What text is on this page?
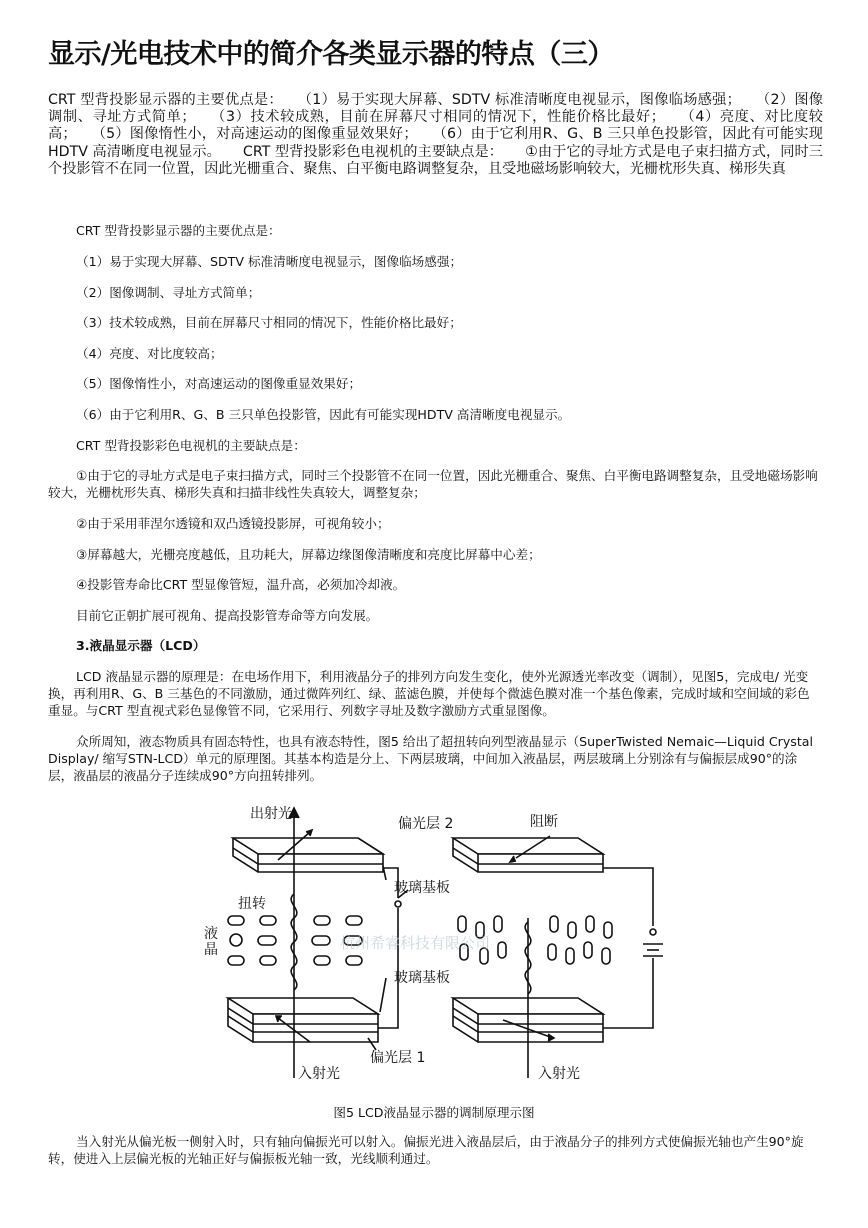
显示/光电技术中的简介各类显示器的特点（三）

CRT 型背投影显示器的主要优点是： （1）易于实现大屏幕、SDTV 标准清晰度电视显示，图像临场感强； （2）图像调制、寻址方式简单； （3）技术较成熟，目前在屏幕尺寸相同的情况下，性能价格比最好； （4）亮度、对比度较高； （5）图像惰性小，对高速运动的图像重显效果好； （6）由于它利用R、G、B 三只单色投影管，因此有可能实现HDTV 高清晰度电视显示。 CRT 型背投影彩色电视机的主要缺点是： ①由于它的寻址方式是电子束扫描方式，同时三个投影管不在同一位置，因此光栅重合、聚焦、白平衡电路调整复杂，且受地磁场影响较大，光栅枕形失真、梯形失真

CRT 型背投影显示器的主要优点是：

（1）易于实现大屏幕、SDTV 标准清晰度电视显示，图像临场感强；

（2）图像调制、寻址方式简单；

（3）技术较成熟，目前在屏幕尺寸相同的情况下，性能价格比最好；

（4）亮度、对比度较高；

（5）图像惰性小，对高速运动的图像重显效果好；

（6）由于它利用R、G、B 三只单色投影管，因此有可能实现HDTV 高清晰度电视显示。

CRT 型背投影彩色电视机的主要缺点是：

①由于它的寻址方式是电子束扫描方式，同时三个投影管不在同一位置，因此光栅重合、聚焦、白平衡电路调整复杂，且受地磁场影响较大，光栅枕形失真、梯形失真和扫描非线性失真较大，调整复杂；

②由于采用菲涅尔透镜和双凸透镜投影屏，可视角较小；

③屏幕越大，光栅亮度越低，且功耗大，屏幕边缘图像清晰度和亮度比屏幕中心差；

④投影管寿命比CRT 型显像管短，温升高，必须加冷却液。

目前它正朝扩展可视角、提高投影管寿命等方向发展。

3.液晶显示器（LCD）

LCD 液晶显示器的原理是：在电场作用下，利用液晶分子的排列方向发生变化，使外光源透光率改变（调制），见图5，完成电/ 光变换，再利用R、G、B 三基色的不同激励，通过微阵列红、绿、蓝滤色膜，并使每个微滤色膜对准一个基色像素，完成时域和空间域的彩色重显。与CRT 型直视式彩色显像管不同，它采用行、列数字寻址及数字激励方式重显图像。

众所周知，液态物质具有固态特性，也具有液态特性，图5 给出了超扭转向列型液晶显示（SuperTwisted Nemaic—Liquid Crystal Display/ 缩写STN-LCD）单元的原理图。其基本构造是分上、下两层玻璃，中间加入液晶层，两层玻璃上分别涂有与偏振层成90°的涂层，液晶层的液晶分子连续成90°方向扭转排列。

出射光
偏光层 2	阻断
玻璃基板
扭转
液 晶
玻璃基板
入射光
偏光层 1
入射光
杭州希睿科技有限公司
图5 LCD液晶显示器的调制原理示图

当入射光从偏光板一侧射入时，只有轴向偏振光可以射入。偏振光进入液晶层后，由于液晶分子的排列方式使偏振光轴也产生90°旋转，使进入上层偏光板的光轴正好与偏振板光轴一致，光线顺利通过。
